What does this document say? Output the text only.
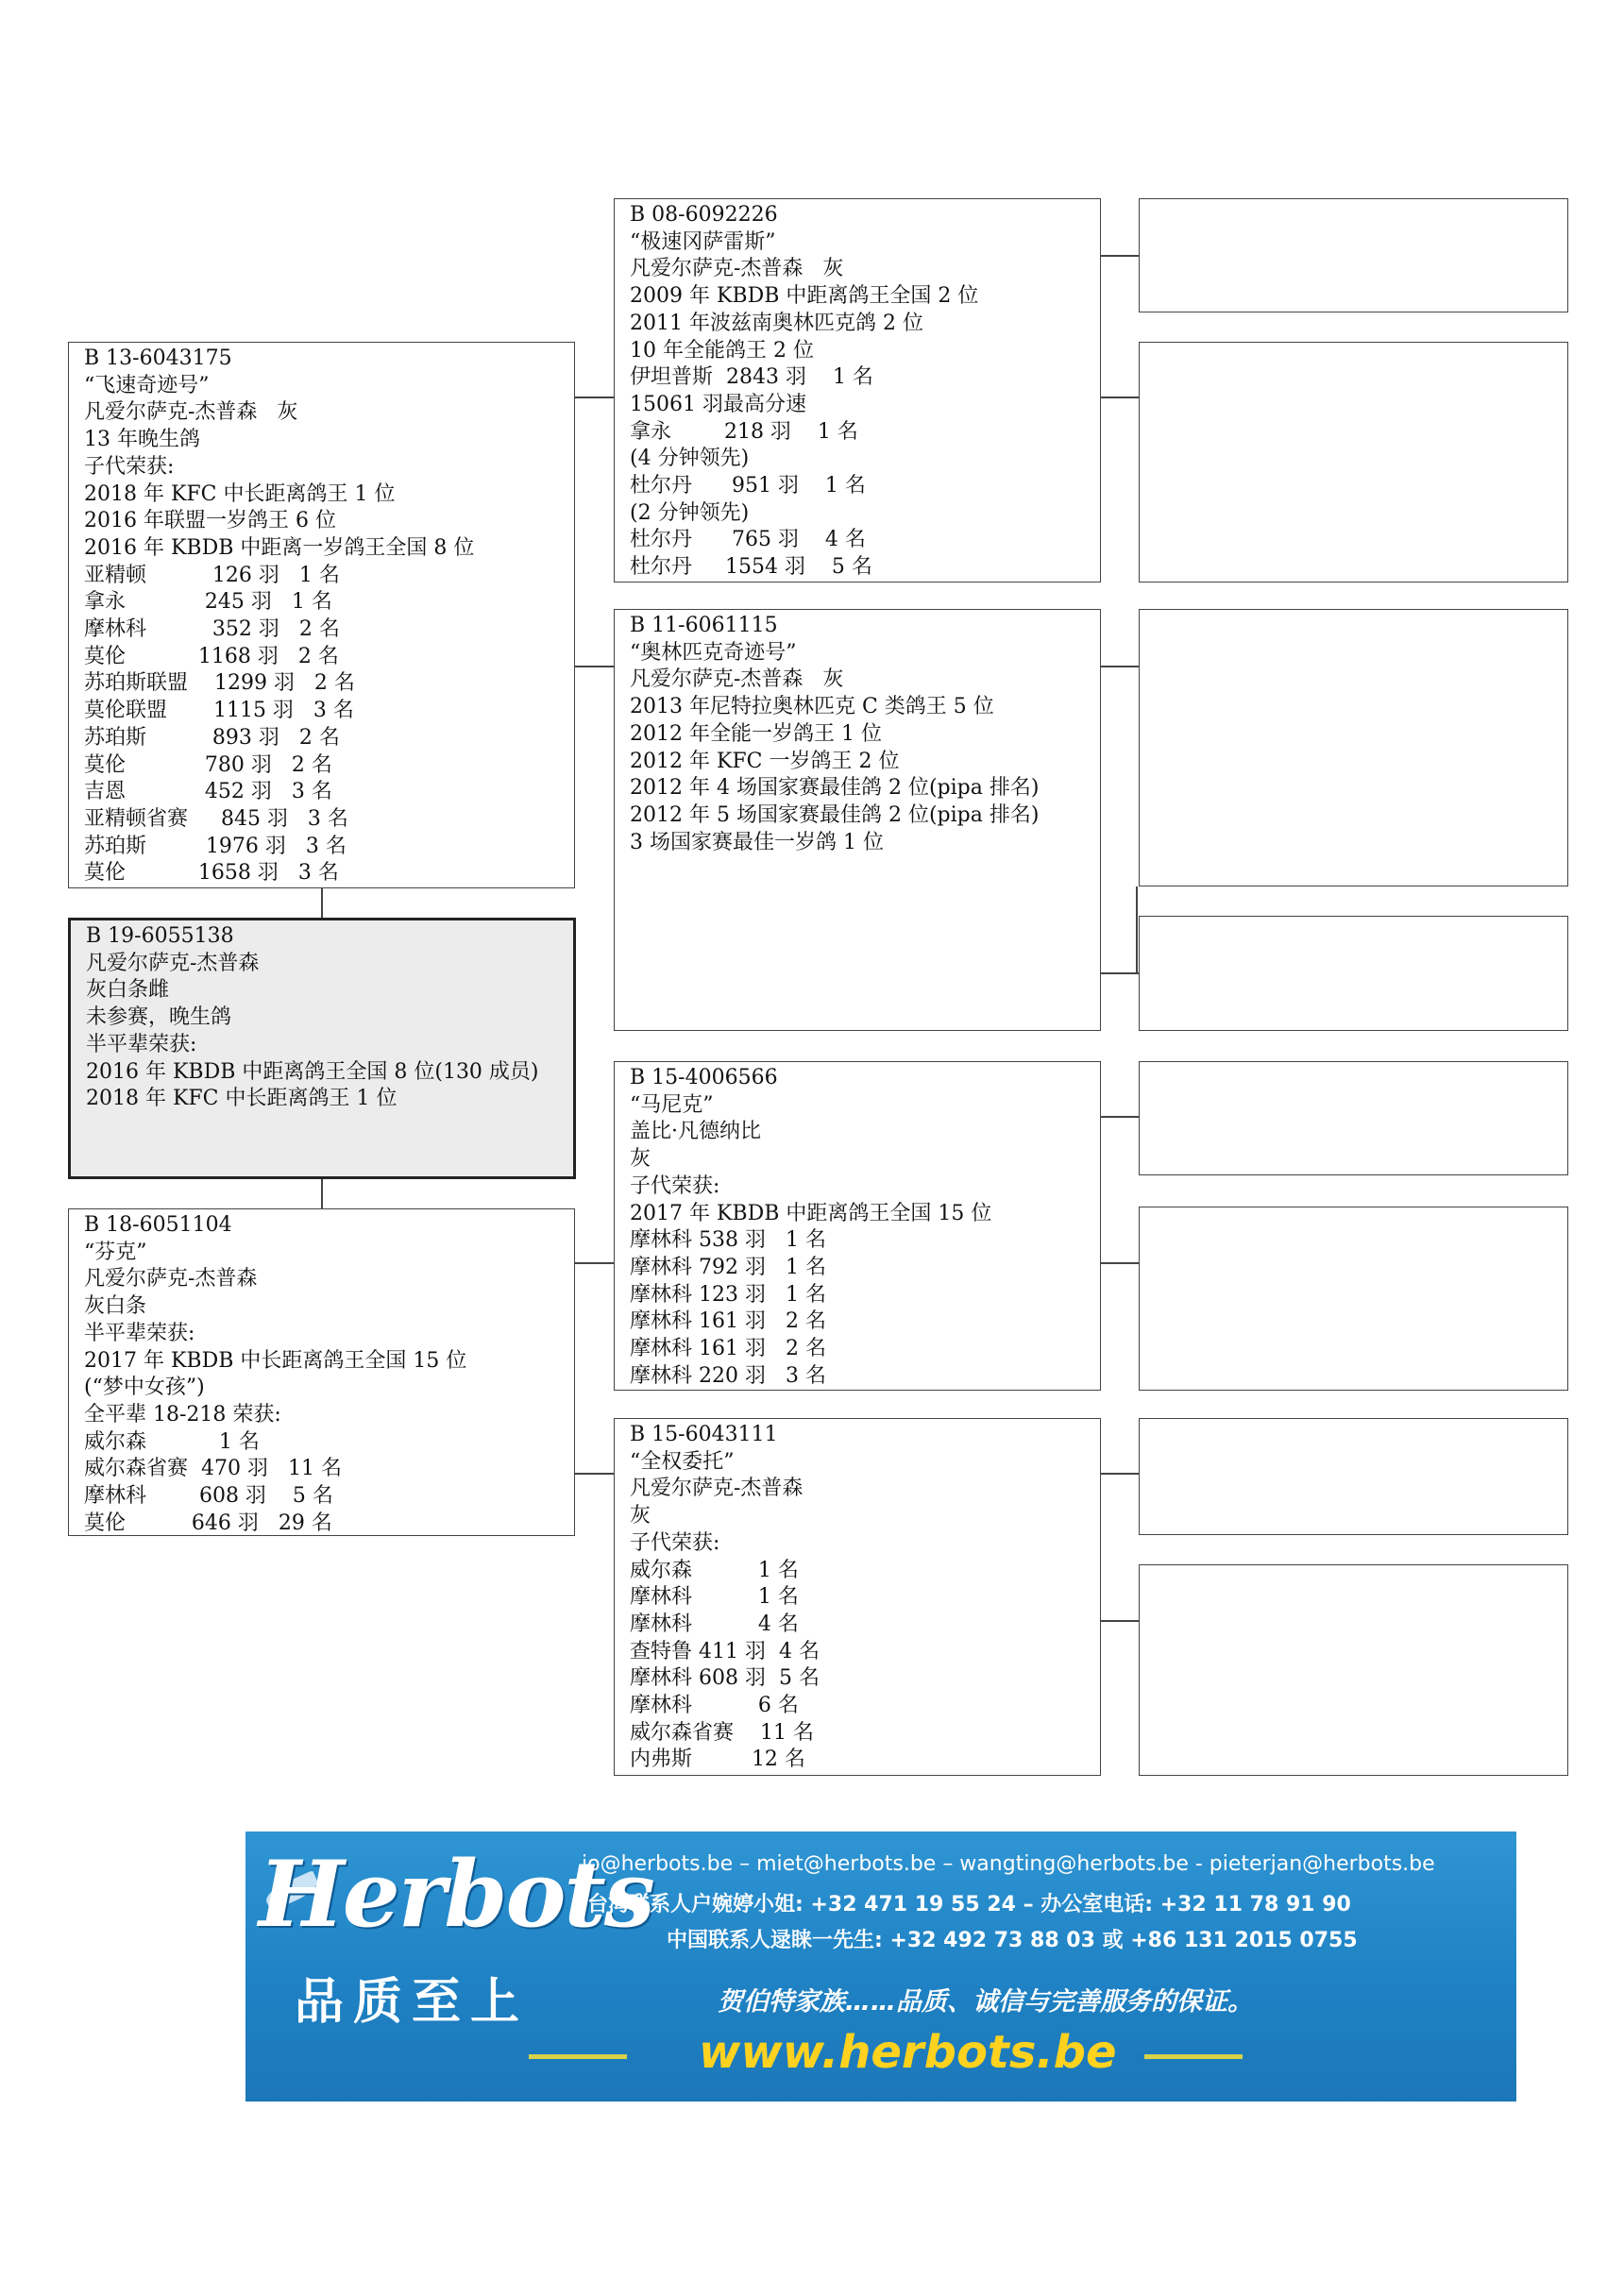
B 19-6055138
凡爱尔萨克-杰普森
灰白条雌
未参赛，晚生鸽
半平辈荣获:
2016 年 KBDB 中距离鸽王全国 8 位(130 成员)
2018 年 KFC 中长距离鸽王 1 位
B 13-6043175
“飞速奇迹号”
凡爱尔萨克-杰普森   灰
13 年晚生鸽
子代荣获:
2018 年 KFC 中长距离鸽王 1 位
2016 年联盟一岁鸽王 6 位
2016 年 KBDB 中距离一岁鸽王全国 8 位
亚精顿          126 羽   1 名
拿永            245 羽   1 名
摩林科          352 羽   2 名
莫伦           1168 羽   2 名
苏珀斯联盟    1299 羽   2 名
莫伦联盟       1115 羽   3 名
苏珀斯          893 羽   2 名
莫伦            780 羽   2 名
吉恩            452 羽   3 名
亚精顿省赛     845 羽   3 名
苏珀斯         1976 羽   3 名
莫伦           1658 羽   3 名
B 18-6051104
“芬克”
凡爱尔萨克-杰普森
灰白条
半平辈荣获:
2017 年 KBDB 中长距离鸽王全国 15 位
(“梦中女孩”)
全平辈 18-218 荣获:
威尔森           1 名
威尔森省赛  470 羽   11 名
摩林科        608 羽    5 名
莫伦          646 羽   29 名
B 08-6092226
“极速冈萨雷斯”
凡爱尔萨克-杰普森   灰
2009 年 KBDB 中距离鸽王全国 2 位
2011 年波兹南奥林匹克鸽 2 位
10 年全能鸽王 2 位
伊坦普斯  2843 羽    1 名
15061 羽最高分速
拿永        218 羽    1 名
(4 分钟领先)
杜尔丹      951 羽    1 名
(2 分钟领先)
杜尔丹      765 羽    4 名
杜尔丹     1554 羽    5 名
B 11-6061115
“奥林匹克奇迹号”
凡爱尔萨克-杰普森   灰
2013 年尼特拉奥林匹克 C 类鸽王 5 位
2012 年全能一岁鸽王 1 位
2012 年 KFC 一岁鸽王 2 位
2012 年 4 场国家赛最佳鸽 2 位(pipa 排名)
2012 年 5 场国家赛最佳鸽 2 位(pipa 排名)
3 场国家赛最佳一岁鸽 1 位
B 15-4006566
“马尼克”
盖比·凡德纳比
灰
子代荣获:
2017 年 KBDB 中距离鸽王全国 15 位
摩林科 538 羽   1 名
摩林科 792 羽   1 名
摩林科 123 羽   1 名
摩林科 161 羽   2 名
摩林科 161 羽   2 名
摩林科 220 羽   3 名
B 15-6043111
“全权委托”
凡爱尔萨克-杰普森
灰
子代荣获:
威尔森          1 名
摩林科          1 名
摩林科          4 名
查特鲁 411 羽  4 名
摩林科 608 羽  5 名
摩林科          6 名
威尔森省赛    11 名
内弗斯         12 名
Herbots
品质至上
jo@herbots.be – miet@herbots.be – wangting@herbots.be - pieterjan@herbots.be
台湾联系人户婉婷小姐: +32 471 19 55 24 – 办公室电话: +32 11 78 91 90
中国联系人逯睐一先生: +32 492 73 88 03 或 +86 131 2015 0755
贺伯特家族……品质、诚信与完善服务的保证。
www.herbots.be
